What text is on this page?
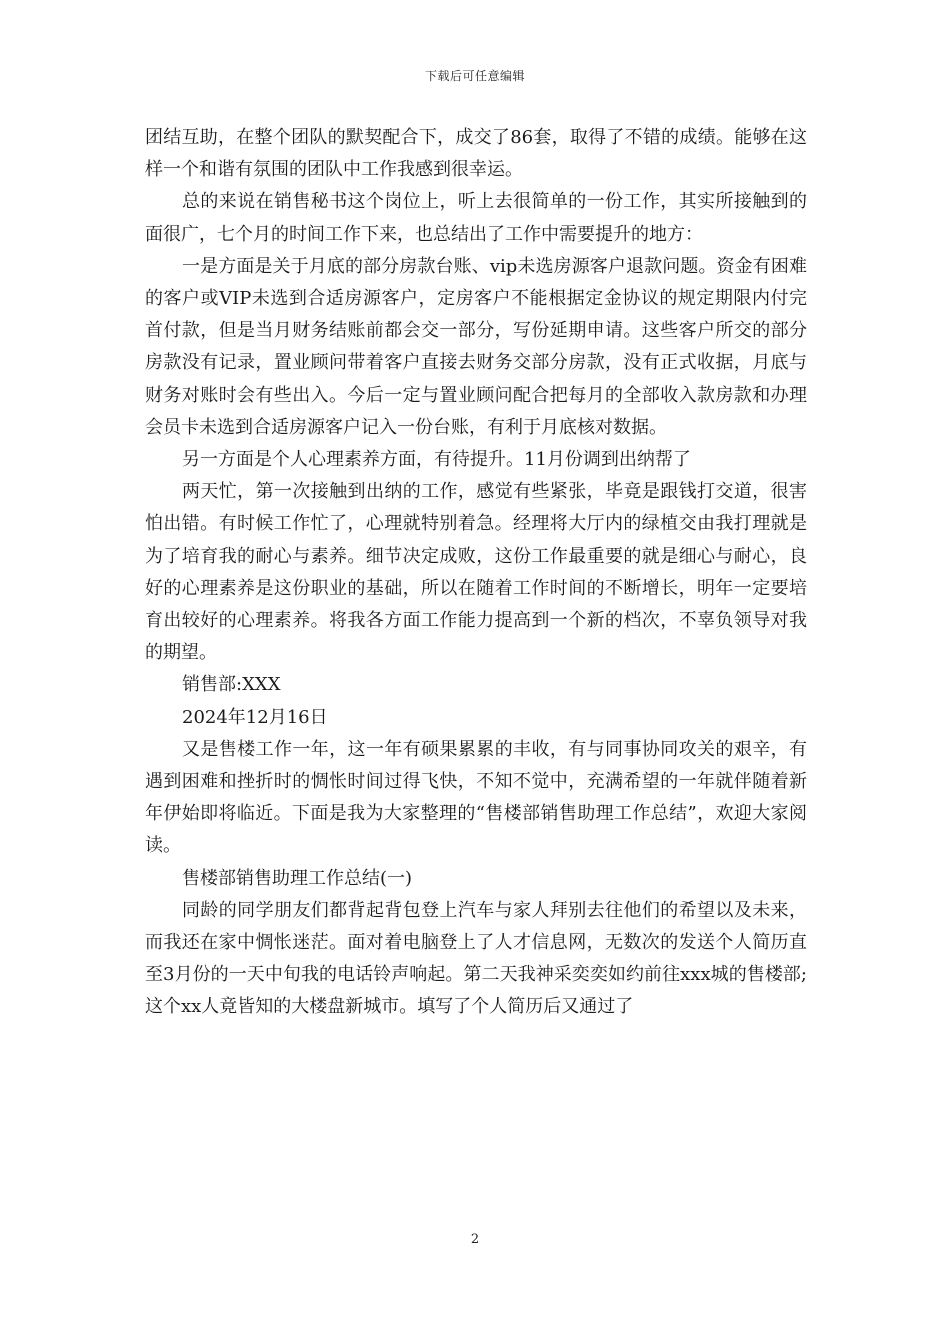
下载后可任意编辑

团结互助，在整个团队的默契配合下，成交了86套，取得了不错的成绩。能够在这样一个和谐有氛围的团队中工作我感到很幸运。

总的来说在销售秘书这个岗位上，听上去很简单的一份工作，其实所接触到的面很广，七个月的时间工作下来，也总结出了工作中需要提升的地方：

一是方面是关于月底的部分房款台账、vip未选房源客户退款问题。资金有困难的客户或VIP未选到合适房源客户，定房客户不能根据定金协议的规定期限内付完首付款，但是当月财务结账前都会交一部分，写份延期申请。这些客户所交的部分房款没有记录，置业顾问带着客户直接去财务交部分房款，没有正式收据，月底与财务对账时会有些出入。今后一定与置业顾问配合把每月的全部收入款房款和办理会员卡未选到合适房源客户记入一份台账，有利于月底核对数据。

另一方面是个人心理素养方面，有待提升。11月份调到出纳帮了

两天忙，第一次接触到出纳的工作，感觉有些紧张，毕竟是跟钱打交道，很害怕出错。有时候工作忙了，心理就特别着急。经理将大厅内的绿植交由我打理就是为了培育我的耐心与素养。细节决定成败，这份工作最重要的就是细心与耐心，良好的心理素养是这份职业的基础，所以在随着工作时间的不断增长，明年一定要培育出较好的心理素养。将我各方面工作能力提高到一个新的档次，不辜负领导对我的期望。

销售部:XXX

2024年12月16日

又是售楼工作一年，这一年有硕果累累的丰收，有与同事协同攻关的艰辛，有遇到困难和挫折时的惆怅时间过得飞快，不知不觉中，充满希望的一年就伴随着新年伊始即将临近。下面是我为大家整理的“售楼部销售助理工作总结”，欢迎大家阅读。

售楼部销售助理工作总结(一)

同龄的同学朋友们都背起背包登上汽车与家人拜别去往他们的希望以及未来，而我还在家中惆怅迷茫。面对着电脑登上了人才信息网，无数次的发送个人简历直至3月份的一天中旬我的电话铃声响起。第二天我神采奕奕如约前往xxx城的售楼部;这个xx人竟皆知的大楼盘新城市。填写了个人简历后又通过了

2
